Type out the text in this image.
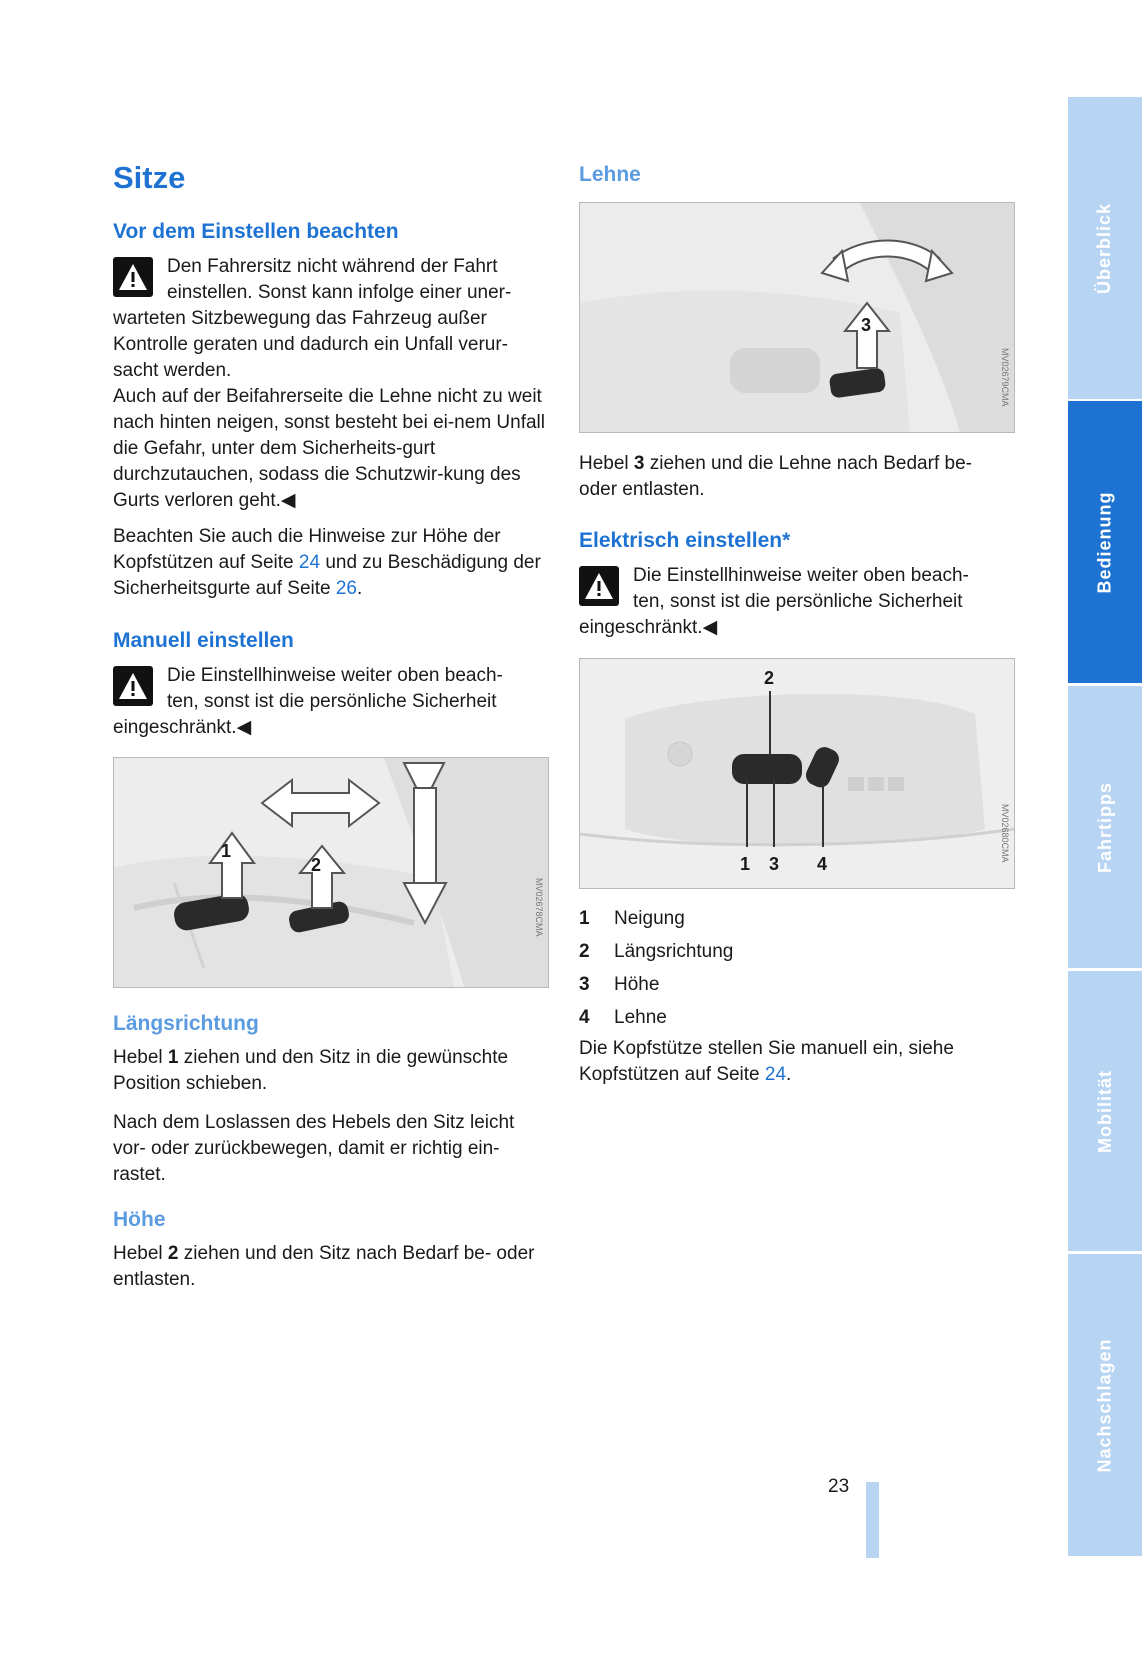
Sitze
Vor dem Einstellen beachten
Den Fahrersitz nicht während der Fahrt
einstellen. Sonst kann infolge einer uner-

warteten Sitzbewegung das Fahrzeug außer Kontrolle geraten und dadurch ein Unfall verur-sacht werden.

Auch auf der Beifahrerseite die Lehne nicht zu weit nach hinten neigen, sonst besteht bei ei-nem Unfall die Gefahr, unter dem Sicherheits-gurt durchzutauchen, sodass die Schutzwir-kung des Gurts verloren geht.◀

Beachten Sie auch die Hinweise zur Höhe der Kopfstützen auf Seite 24 und zu Beschädigung der Sicherheitsgurte auf Seite 26.

Manuell einstellen
Die Einstellhinweise weiter oben beach-
ten, sonst ist die persönliche Sicherheit

eingeschränkt.◀

1
2
MV02678CMA
Längsrichtung

Hebel 1 ziehen und den Sitz in die gewünschte Position schieben.

Nach dem Loslassen des Hebels den Sitz leicht vor- oder zurückbewegen, damit er richtig ein-rastet.

Höhe

Hebel 2 ziehen und den Sitz nach Bedarf be- oder entlasten.

Lehne
3
MV02679CMA

Hebel 3 ziehen und die Lehne nach Bedarf be- oder entlasten.

Elektrisch einstellen*
Die Einstellhinweise weiter oben beach-
ten, sonst ist die persönliche Sicherheit

eingeschränkt.◀

2
1 3 4
MV02680CMA
1	Neigung
2	Längsrichtung
3	Höhe
4	Lehne

Die Kopfstütze stellen Sie manuell ein, siehe Kopfstützen auf Seite 24.

23
Überblick
Bedienung
Fahrtipps
Mobilität
Nachschlagen
